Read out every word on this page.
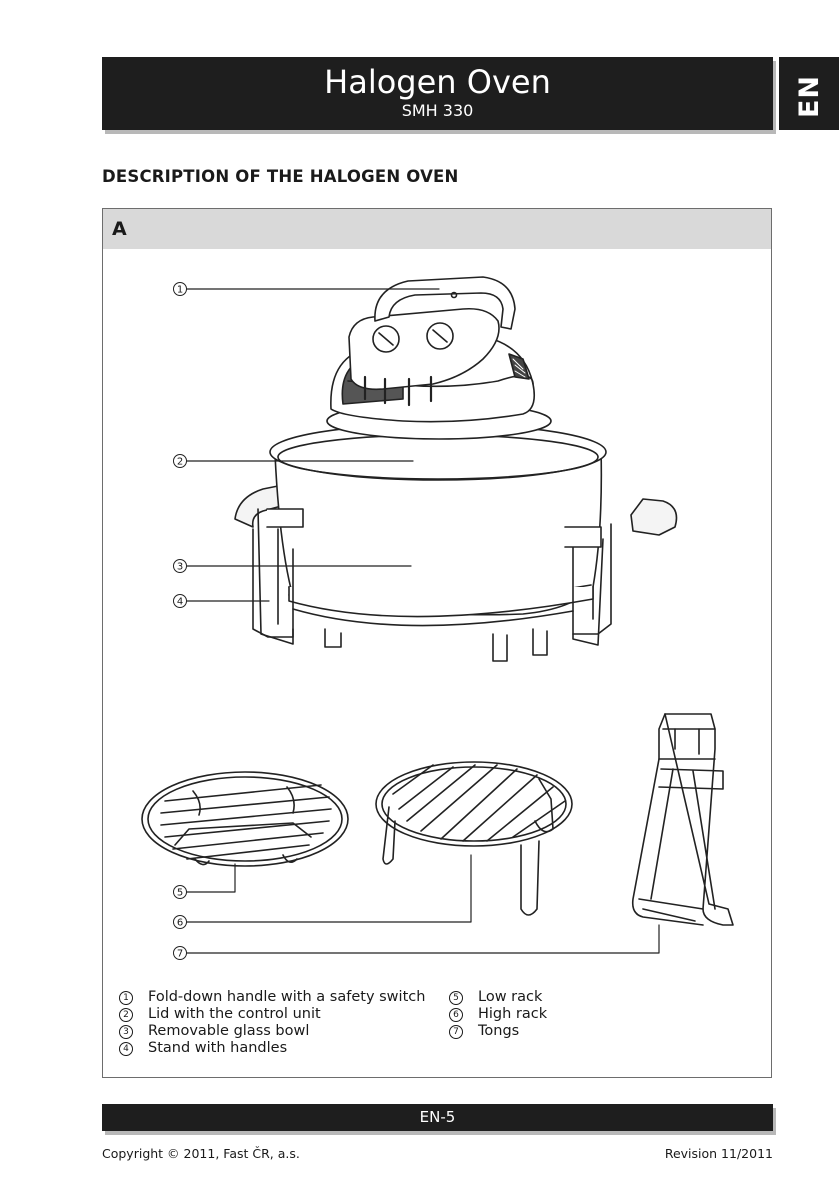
Halogen Oven
SMH 330	EN
DESCRIPTION OF THE HALOGEN OVEN
A
1
2
3
4
5
6
7
1 Fold-down handle with a safety switch
2 Lid with the control unit
3 Removable glass bowl
4 Stand with handles
5 Low rack
6 High rack
7 Tongs
EN-5
Copyright © 2011, Fast ČR, a.s.	Revision 11/2011
